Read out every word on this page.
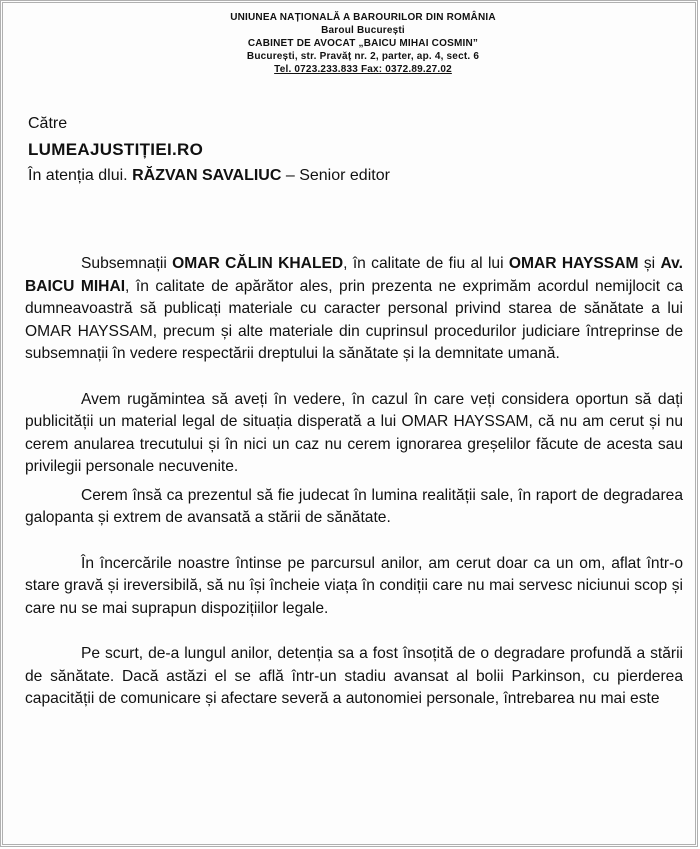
UNIUNEA NAȚIONALĂ A BAROURILOR DIN ROMÂNIA
Baroul București
CABINET DE AVOCAT „BAICU MIHAI COSMIN”
București, str. Pravăț nr. 2, parter, ap. 4, sect. 6
Tel. 0723.233.833 Fax: 0372.89.27.02
Către
LUMEAJUSTIȚIEI.RO
În atenția dlui. RĂZVAN SAVALIUC – Senior editor

Subsemnații OMAR CĂLIN KHALED, în calitate de fiu al lui OMAR HAYSSAM și Av. BAICU MIHAI, în calitate de apărător ales, prin prezenta ne exprimăm acordul nemijlocit ca dumneavoastră să publicați materiale cu caracter personal privind starea de sănătate a lui OMAR HAYSSAM, precum și alte materiale din cuprinsul procedurilor judiciare întreprinse de subsemnații în vedere respectării dreptului la sănătate și la demnitate umană.

Avem rugămintea să aveți în vedere, în cazul în care veți considera oportun să dați publicității un material legal de situația disperată a lui OMAR HAYSSAM, că nu am cerut și nu cerem anularea trecutului și în nici un caz nu cerem ignorarea greșelilor făcute de acesta sau privilegii personale necuvenite.

Cerem însă ca prezentul să fie judecat în lumina realității sale, în raport de degradarea galopanta și extrem de avansată a stării de sănătate.

În încercările noastre întinse pe parcursul anilor, am cerut doar ca un om, aflat într-o stare gravă și ireversibilă, să nu își încheie viața în condiții care nu mai servesc niciunui scop și care nu se mai suprapun dispozițiilor legale.

Pe scurt, de-a lungul anilor, detenția sa a fost însoțită de o degradare profundă a stării de sănătate. Dacă astăzi el se află într-un stadiu avansat al bolii Parkinson, cu pierderea capacității de comunicare și afectare severă a autonomiei personale, întrebarea nu mai este
